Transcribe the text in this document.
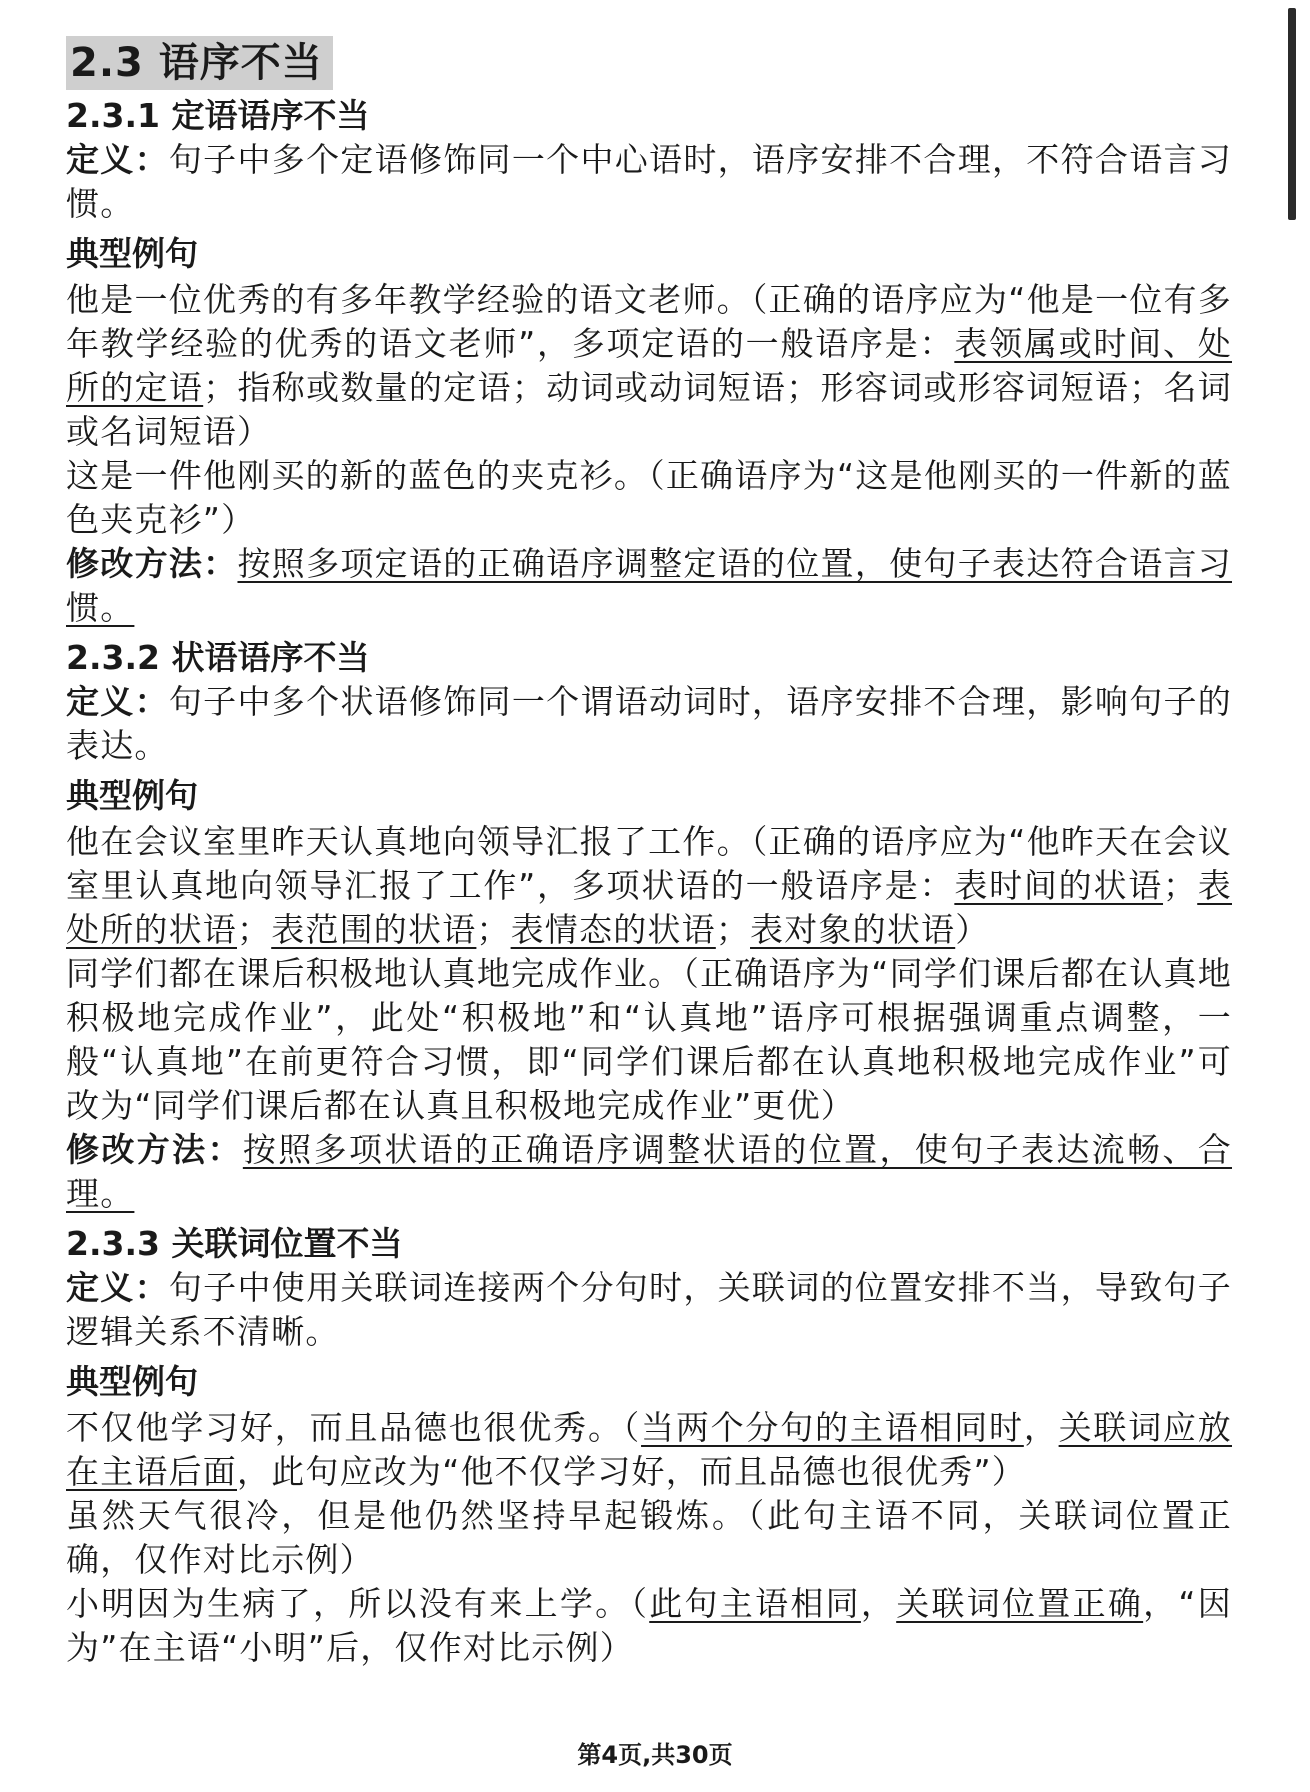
2.3 语序不当
2.3.1 定语语序不当

定义：句子中多个定语修饰同一个中心语时，语序安排不合理，不符合语言习惯。

典型例句

他是一位优秀的有多年教学经验的语文老师。（正确的语序应为“他是一位有多年教学经验的优秀的语文老师”，多项定语的一般语序是：表领属或时间、处所的定语；指称或数量的定语；动词或动词短语；形容词或形容词短语；名词或名词短语）

这是一件他刚买的新的蓝色的夹克衫。（正确语序为“这是他刚买的一件新的蓝色夹克衫”）

修改方法：按照多项定语的正确语序调整定语的位置，使句子表达符合语言习惯。

2.3.2 状语语序不当

定义：句子中多个状语修饰同一个谓语动词时，语序安排不合理，影响句子的表达。

典型例句

他在会议室里昨天认真地向领导汇报了工作。（正确的语序应为“他昨天在会议室里认真地向领导汇报了工作”，多项状语的一般语序是：表时间的状语；表处所的状语；表范围的状语；表情态的状语；表对象的状语）

同学们都在课后积极地认真地完成作业。（正确语序为“同学们课后都在认真地积极地完成作业”，此处“积极地”和“认真地”语序可根据强调重点调整，一般“认真地”在前更符合习惯，即“同学们课后都在认真地积极地完成作业”可改为“同学们课后都在认真且积极地完成作业”更优）

修改方法：按照多项状语的正确语序调整状语的位置，使句子表达流畅、合理。

2.3.3 关联词位置不当

定义：句子中使用关联词连接两个分句时，关联词的位置安排不当，导致句子逻辑关系不清晰。

典型例句

不仅他学习好，而且品德也很优秀。（当两个分句的主语相同时，关联词应放在主语后面，此句应改为“他不仅学习好，而且品德也很优秀”）

虽然天气很冷，但是他仍然坚持早起锻炼。（此句主语不同，关联词位置正确，仅作对比示例）

小明因为生病了，所以没有来上学。（此句主语相同，关联词位置正确，“因为”在主语“小明”后，仅作对比示例）

第4页,共30页
